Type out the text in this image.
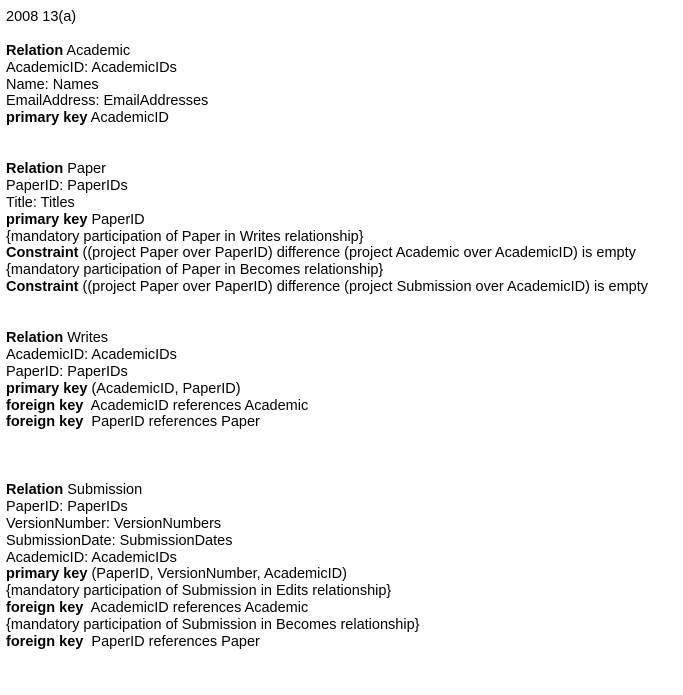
2008 13(a)
Relation Academic
AcademicID: AcademicIDs
Name: Names
EmailAddress: EmailAddresses
primary key AcademicID
Relation Paper
PaperID: PaperIDs
Title: Titles
primary key PaperID
{mandatory participation of Paper in Writes relationship}
Constraint ((project Paper over PaperID) difference (project Academic over AcademicID) is empty
{mandatory participation of Paper in Becomes relationship}
Constraint ((project Paper over PaperID) difference (project Submission over AcademicID) is empty
Relation Writes
AcademicID: AcademicIDs
PaperID: PaperIDs
primary key (AcademicID, PaperID)
foreign key  AcademicID references Academic
foreign key  PaperID references Paper
Relation Submission
PaperID: PaperIDs
VersionNumber: VersionNumbers
SubmissionDate: SubmissionDates
AcademicID: AcademicIDs
primary key (PaperID, VersionNumber, AcademicID)
{mandatory participation of Submission in Edits relationship}
foreign key  AcademicID references Academic
{mandatory participation of Submission in Becomes relationship}
foreign key  PaperID references Paper
